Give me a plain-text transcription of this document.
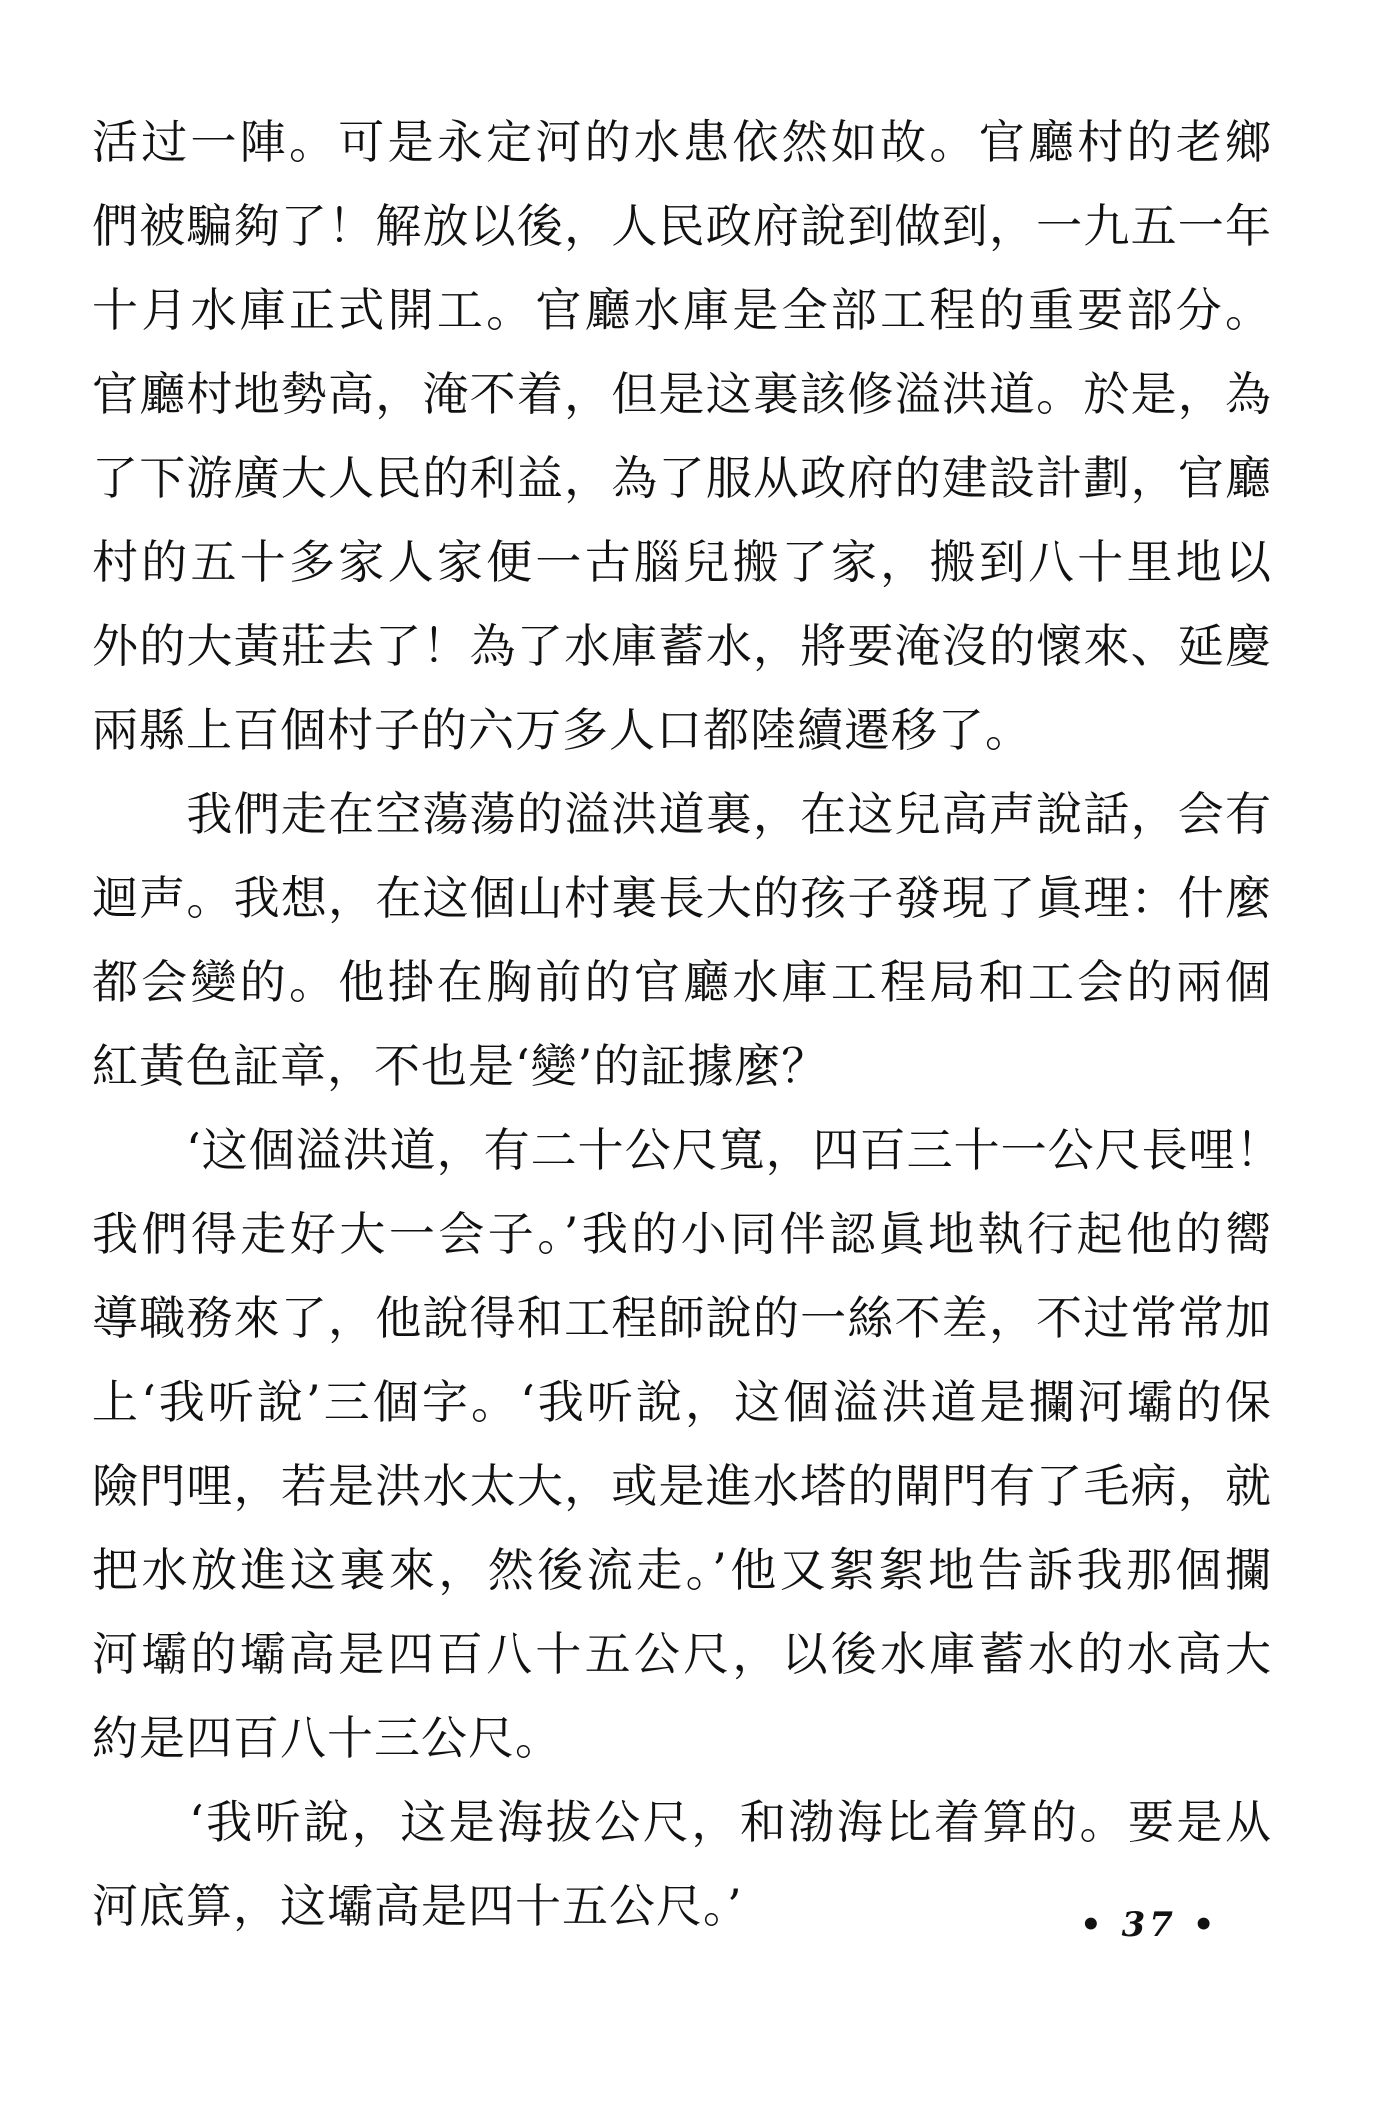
活过一陣。可是永定河的水患依然如故。官廳村的老鄉
們被騙夠了！解放以後，人民政府說到做到，一九五一年
十月水庫正式開工。官廳水庫是全部工程的重要部分。
官廳村地勢高，淹不着，但是这裏該修溢洪道。於是，為
了下游廣大人民的利益，為了服从政府的建設計劃，官廳
村的五十多家人家便一古腦兒搬了家，搬到八十里地以
外的大黃莊去了！為了水庫蓄水，將要淹沒的懷來、延慶
兩縣上百個村子的六万多人口都陸續遷移了。
　　我們走在空蕩蕩的溢洪道裏，在这兒高声說話，会有
迴声。我想，在这個山村裏長大的孩子發現了眞理：什麼
都会變的。他掛在胸前的官廳水庫工程局和工会的兩個
紅黃色証章，不也是‘變’的証據麼？
　　‘这個溢洪道，有二十公尺寬，四百三十一公尺長哩！
我們得走好大一会子。’我的小同伴認眞地執行起他的嚮
導職務來了，他說得和工程師說的一絲不差，不过常常加
上‘我听說’三個字。‘我听說，这個溢洪道是攔河壩的保
險門哩，若是洪水太大，或是進水塔的閘門有了毛病，就
把水放進这裏來，然後流走。’他又絮絮地告訴我那個攔
河壩的壩高是四百八十五公尺，以後水庫蓄水的水高大
約是四百八十三公尺。
　　‘我听說，这是海拔公尺，和渤海比着算的。要是从
河底算，这壩高是四十五公尺。’	• 37 •
